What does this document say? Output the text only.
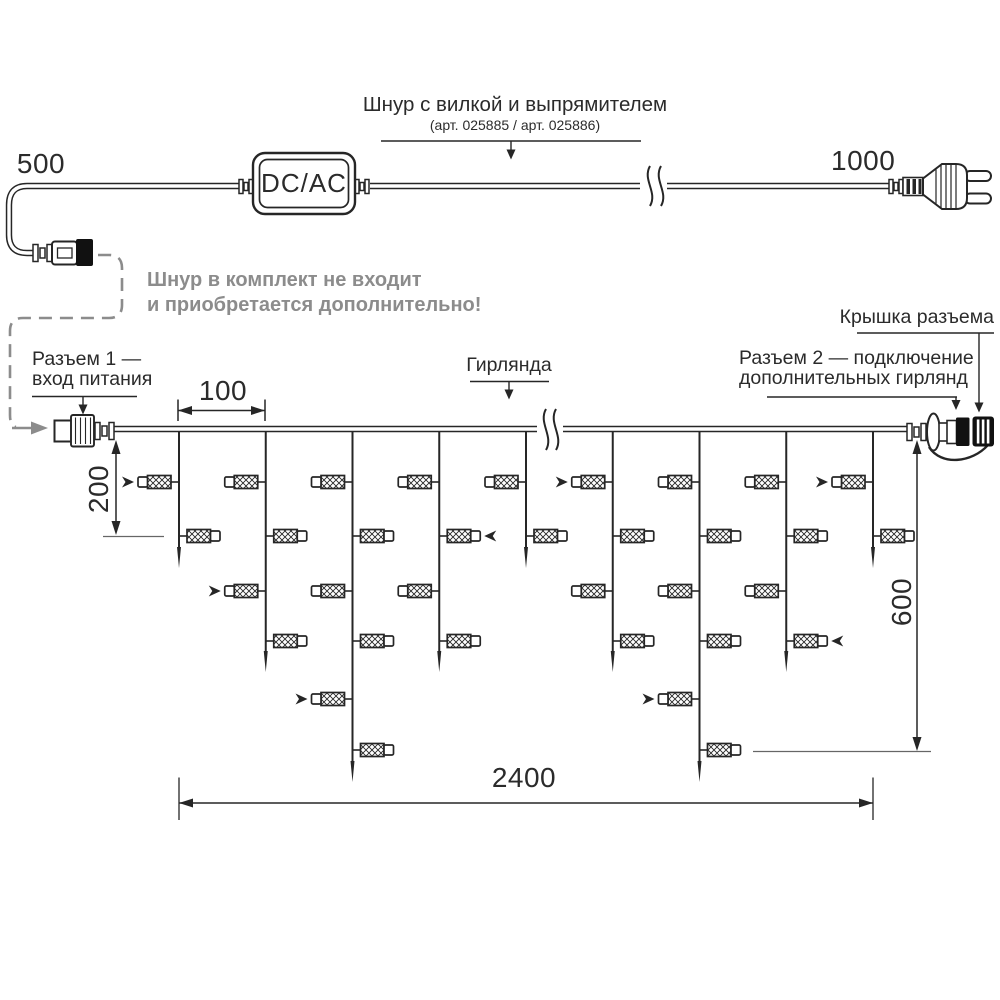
500	1000
Шнур с вилкой и выпрямителем
(арт. 025885 / арт. 025886)
DC/AC
Шнур в комплект не входит
и приобретается дополнительно!
Разъем 1 —
вход питания
Гирлянда	Разъем 2 — подключение
дополнительных гирлянд
Крышка разъема
100
200
600
2400
